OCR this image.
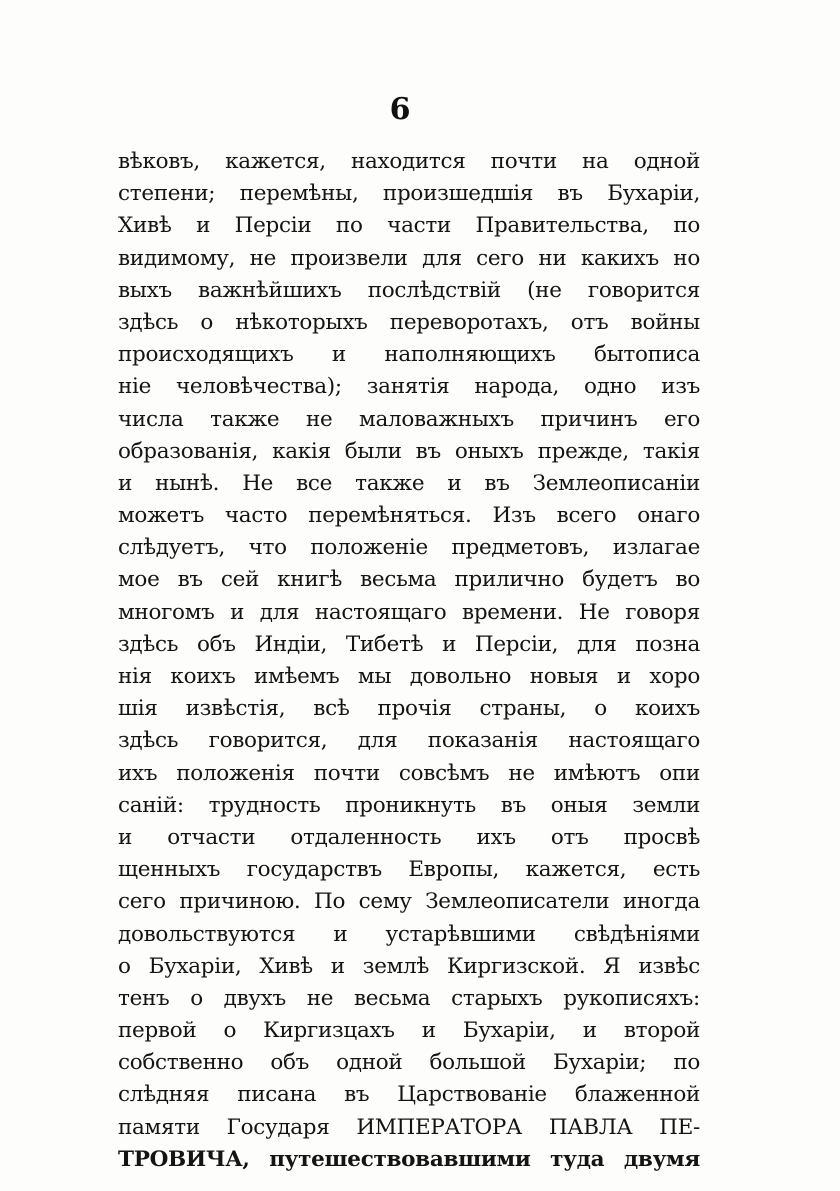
6
вѣковъ, кажется, находится почти на одной
степени; перемѣны, произшедшія въ Бухаріи,
Хивѣ и Персіи по части Правительства, по
видимому, не произвели для сего ни какихъ но
выхъ важнѣйшихъ послѣдствій (не говорится
здѣсь о нѣкоторыхъ переворотахъ, отъ войны
происходящихъ и наполняющихъ бытописа
ніе человѣчества); занятія народа, одно изъ
числа также не маловажныхъ причинъ его
образованія, какія были въ оныхъ прежде, такія
и нынѣ. Не все также и въ Землеописаніи
можетъ часто перемѣняться. Изъ всего онаго
слѣдуетъ, что положеніе предметовъ, излагае
мое въ сей книгѣ весьма прилично будетъ во
многомъ и для настоящаго времени. Не говоря
здѣсь объ Индіи, Тибетѣ и Персіи, для позна
нія коихъ имѣемъ мы довольно новыя и хоро
шія извѣстія, всѣ прочія страны, о коихъ
здѣсь говорится, для показанія настоящаго
ихъ положенія почти совсѣмъ не имѣютъ опи
саній: трудность проникнуть въ оныя земли
и отчасти отдаленность ихъ отъ просвѣ
щенныхъ государствъ Европы, кажется, есть
сего причиною. По сему Землеописатели иногда
довольствуются и устарѣвшими свѣдѣніями
о Бухаріи, Хивѣ и землѣ Киргизской. Я извѣс
тенъ о двухъ не весьма старыхъ рукописяхъ:
первой о Киргизцахъ и Бухаріи, и второй
собственно объ одной большой Бухаріи; по
слѣдняя писана въ Царствованіе блаженной
памяти Государя ИМПЕРАТОРА ПАВЛА ПЕ-
ТРОВИЧА, путешествовавшими туда двумя
